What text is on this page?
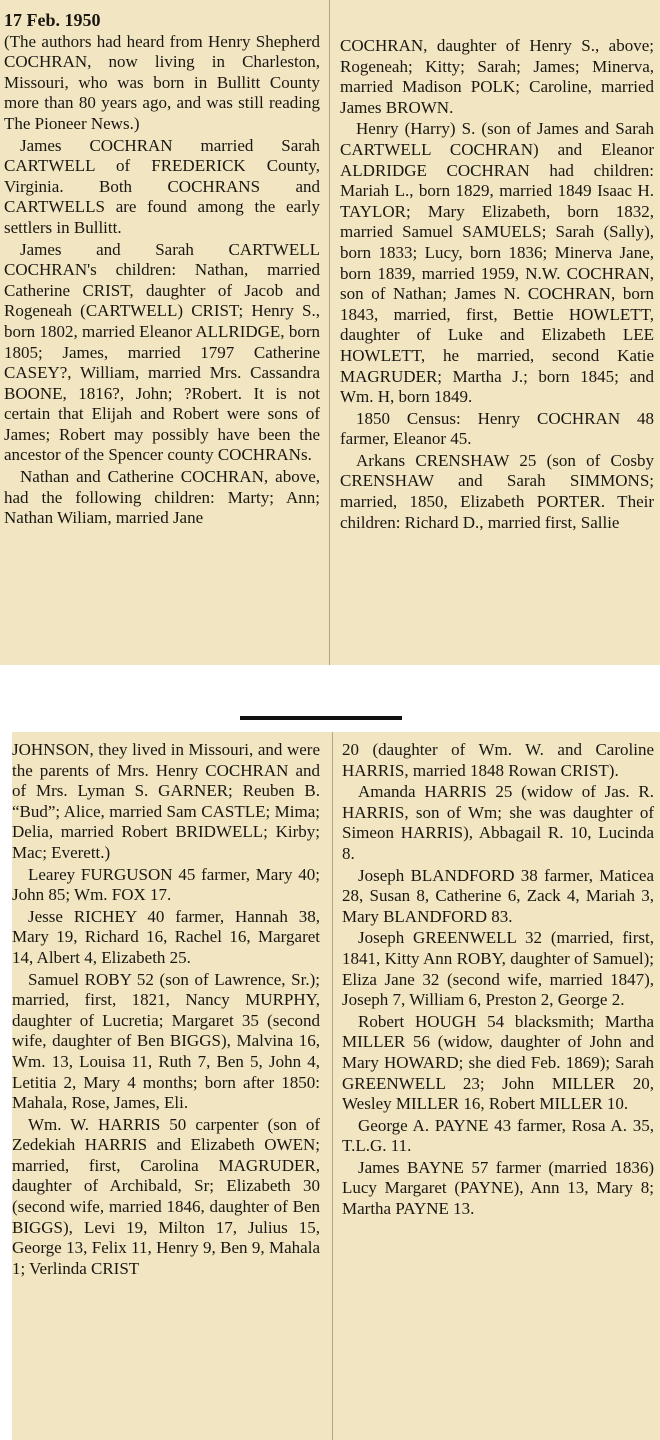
17 Feb. 1950

(The authors had heard from Henry Shepherd COCHRAN, now living in Charleston, Missouri, who was born in Bullitt County more than 80 years ago, and was still reading The Pioneer News.)

James COCHRAN married Sarah CARTWELL of FREDERICK County, Virginia. Both COCHRANS and CARTWELLS are found among the early settlers in Bullitt.

James and Sarah CARTWELL COCHRAN's children: Nathan, married Catherine CRIST, daughter of Jacob and Rogeneah (CARTWELL) CRIST; Henry S., born 1802, married Eleanor ALLRIDGE, born 1805; James, married 1797 Catherine CASEY?, William, married Mrs. Cassandra BOONE, 1816?, John; ?Robert. It is not certain that Elijah and Robert were sons of James; Robert may possibly have been the ancestor of the Spencer county COCHRANs.

Nathan and Catherine COCHRAN, above, had the following children: Marty; Ann; Nathan Wiliam, married Jane

COCHRAN, daughter of Henry S., above; Rogeneah; Kitty; Sarah; James; Minerva, married Madison POLK; Caroline, married James BROWN.

Henry (Harry) S. (son of James and Sarah CARTWELL COCHRAN) and Eleanor ALDRIDGE COCHRAN had children: Mariah L., born 1829, married 1849 Isaac H. TAYLOR; Mary Elizabeth, born 1832, married Samuel SAMUELS; Sarah (Sally), born 1833; Lucy, born 1836; Minerva Jane, born 1839, married 1959, N.W. COCHRAN, son of Nathan; James N. COCHRAN, born 1843, married, first, Bettie HOWLETT, daughter of Luke and Elizabeth LEE HOWLETT, he married, second Katie MAGRUDER; Martha J.; born 1845; and Wm. H, born 1849.

1850 Census: Henry COCHRAN 48 farmer, Eleanor 45.

Arkans CRENSHAW 25 (son of Cosby CRENSHAW and Sarah SIMMONS; married, 1850, Elizabeth PORTER. Their children: Richard D., married first, Sallie

JOHNSON, they lived in Missouri, and were the parents of Mrs. Henry COCHRAN and of Mrs. Lyman S. GARNER; Reuben B. “Bud”; Alice, married Sam CASTLE; Mima; Delia, married Robert BRIDWELL; Kirby; Mac; Everett.)

Learey FURGUSON 45 farmer, Mary 40; John 85; Wm. FOX 17.

Jesse RICHEY 40 farmer, Hannah 38, Mary 19, Richard 16, Rachel 16, Margaret 14, Albert 4, Elizabeth 25.

Samuel ROBY 52 (son of Lawrence, Sr.); married, first, 1821, Nancy MURPHY, daughter of Lucretia; Margaret 35 (second wife, daughter of Ben BIGGS), Malvina 16, Wm. 13, Louisa 11, Ruth 7, Ben 5, John 4, Letitia 2, Mary 4 months; born after 1850: Mahala, Rose, James, Eli.

Wm. W. HARRIS 50 carpenter (son of Zedekiah HARRIS and Elizabeth OWEN; married, first, Carolina MAGRUDER, daughter of Archibald, Sr; Elizabeth 30 (second wife, married 1846, daughter of Ben BIGGS), Levi 19, Milton 17, Julius 15, George 13, Felix 11, Henry 9, Ben 9, Mahala 1; Verlinda CRIST

20 (daughter of Wm. W. and Caroline HARRIS, married 1848 Rowan CRIST).

Amanda HARRIS 25 (widow of Jas. R. HARRIS, son of Wm; she was daughter of Simeon HARRIS), Abbagail R. 10, Lucinda 8.

Joseph BLANDFORD 38 farmer, Maticea 28, Susan 8, Catherine 6, Zack 4, Mariah 3, Mary BLANDFORD 83.

Joseph GREENWELL 32 (married, first, 1841, Kitty Ann ROBY, daughter of Samuel); Eliza Jane 32 (second wife, married 1847), Joseph 7, William 6, Preston 2, George 2.

Robert HOUGH 54 blacksmith; Martha MILLER 56 (widow, daughter of John and Mary HOWARD; she died Feb. 1869); Sarah GREENWELL 23; John MILLER 20, Wesley MILLER 16, Robert MILLER 10.

George A. PAYNE 43 farmer, Rosa A. 35, T.L.G. 11.

James BAYNE 57 farmer (married 1836) Lucy Margaret (PAYNE), Ann 13, Mary 8; Martha PAYNE 13.
